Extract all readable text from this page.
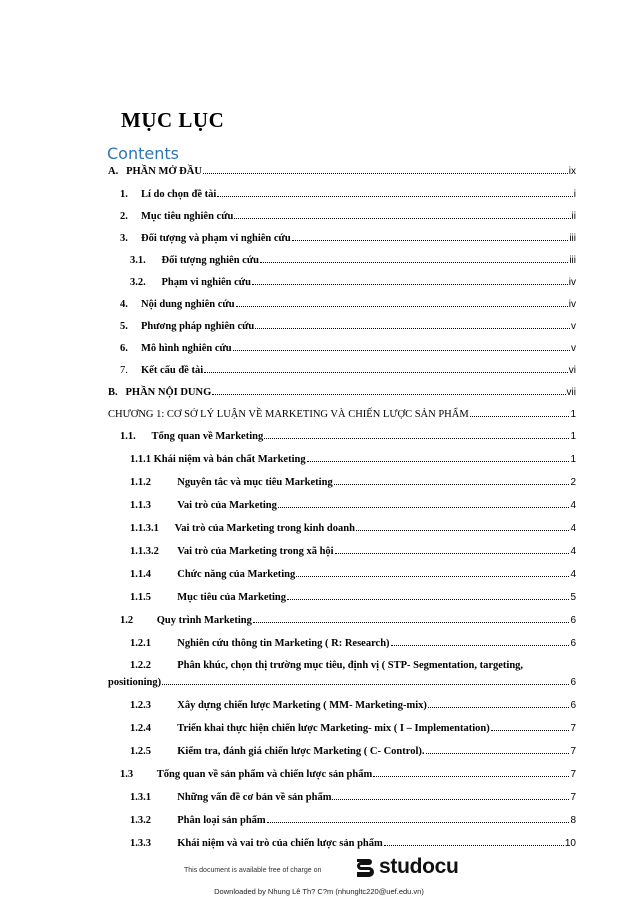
MỤC LỤC
Contents
A. PHẦN MỞ ĐẦU	ix
1. Lí do chọn đề tài	i
2. Mục tiêu nghiên cứu	ii
3. Đối tượng và phạm vi nghiên cứu	iii
3.1. Đối tượng nghiên cứu	iii
3.2. Phạm vi nghiên cứu	iv
4. Nội dung nghiên cứu	iv
5. Phương pháp nghiên cứu	v
6. Mô hình nghiên cứu	v
7. Kết cấu đề tài	vi
B. PHẦN NỘI DUNG	vii
CHƯƠNG 1: CƠ SỞ LÝ LUẬN VỀ MARKETING VÀ CHIẾN LƯỢC SẢN PHẨM	1
1.1. Tổng quan về Marketing	1
1.1.1 Khái niệm và bản chất Marketing	1
1.1.2 Nguyên tắc và mục tiêu Marketing	2
1.1.3 Vai trò của Marketing	4
1.1.3.1 Vai trò của Marketing trong kinh doanh	4
1.1.3.2 Vai trò của Marketing trong xã hội	4
1.1.4 Chức năng của Marketing	4
1.1.5 Mục tiêu của Marketing	5
1.2 Quy trình Marketing	6
1.2.1 Nghiên cứu thông tin Marketing ( R: Research)	6
1.2.2          Phân khúc, chọn thị trường mục tiêu, định vị ( STP- Segmentation, targeting,
positioning)	6
1.2.3 Xây dựng chiến lược Marketing ( MM- Marketing-mix)	6
1.2.4 Triển khai thực hiện chiến lược Marketing- mix ( I – Implementation)	7
1.2.5 Kiểm tra, đánh giá chiến lược Marketing ( C- Control).	7
1.3 Tổng quan về sản phẩm và chiến lược sản phẩm	7
1.3.1 Những vấn đề cơ bản về sản phẩm	7
1.3.2 Phân loại sản phẩm	8
1.3.3 Khái niệm và vai trò của chiến lược sản phẩm	10
This document is available free of charge on	studocu
Downloaded by Nhung Lê Th? C?m (nhungltc220@uef.edu.vn)
